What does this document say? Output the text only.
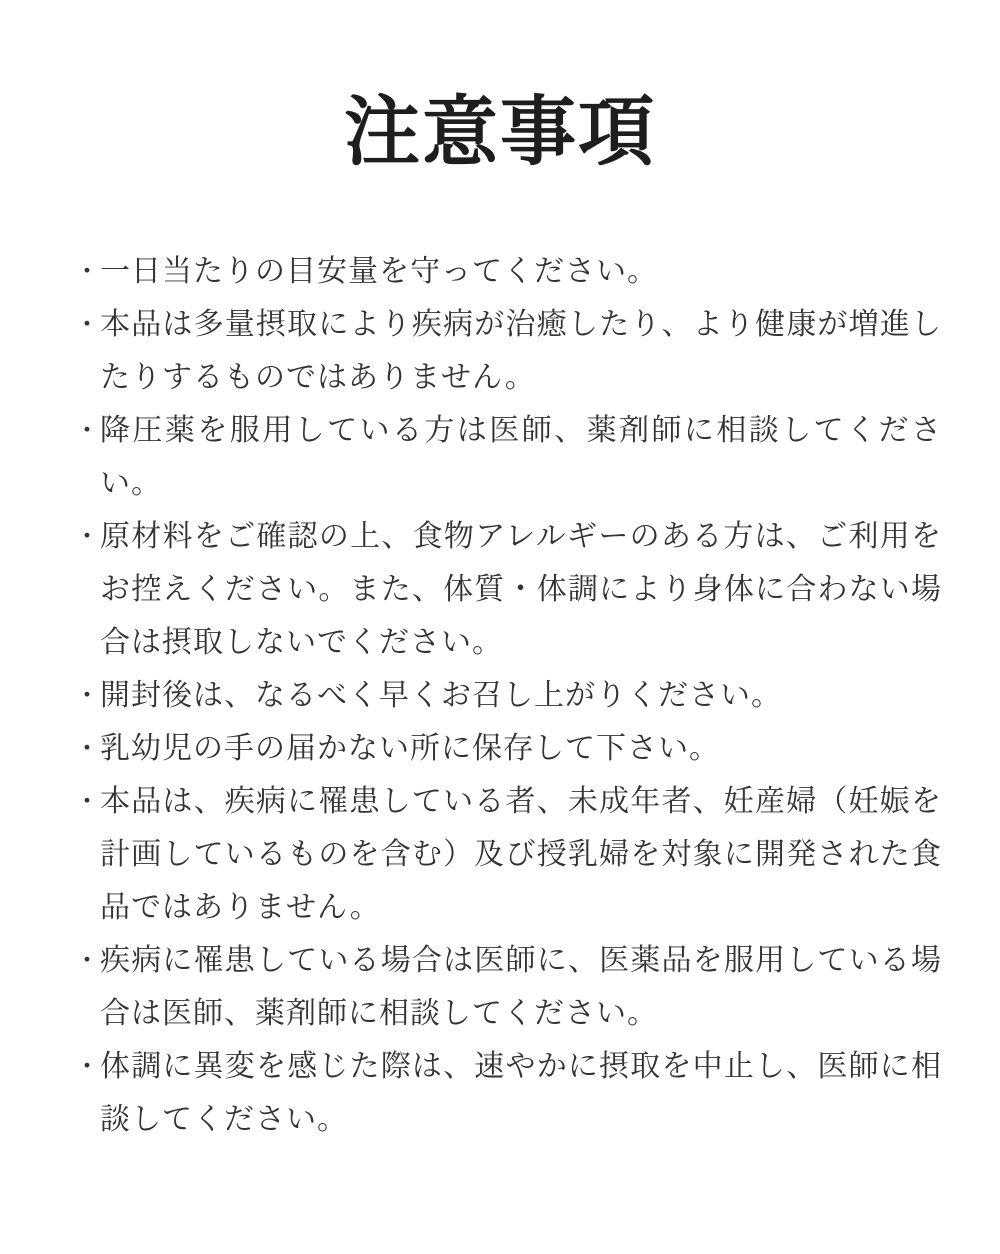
注意事項
・
一日当たりの目安量を守ってください。
・
本品は多量摂取により疾病が治癒したり、より健康が増進したりするものではありません。
・
降圧薬を服用している方は医師、薬剤師に相談してください。
・
原材料をご確認の上、食物アレルギーのある方は、ご利用をお控えください。また、体質・体調により身体に合わない場合は摂取しないでください。
・
開封後は、なるべく早くお召し上がりください。
・
乳幼児の手の届かない所に保存して下さい。
・
本品は、疾病に罹患している者、未成年者、妊産婦（妊娠を計画しているものを含む）及び授乳婦を対象に開発された食品ではありません。
・
疾病に罹患している場合は医師に、医薬品を服用している場合は医師、薬剤師に相談してください。
・
体調に異変を感じた際は、速やかに摂取を中止し、医師に相談してください。
